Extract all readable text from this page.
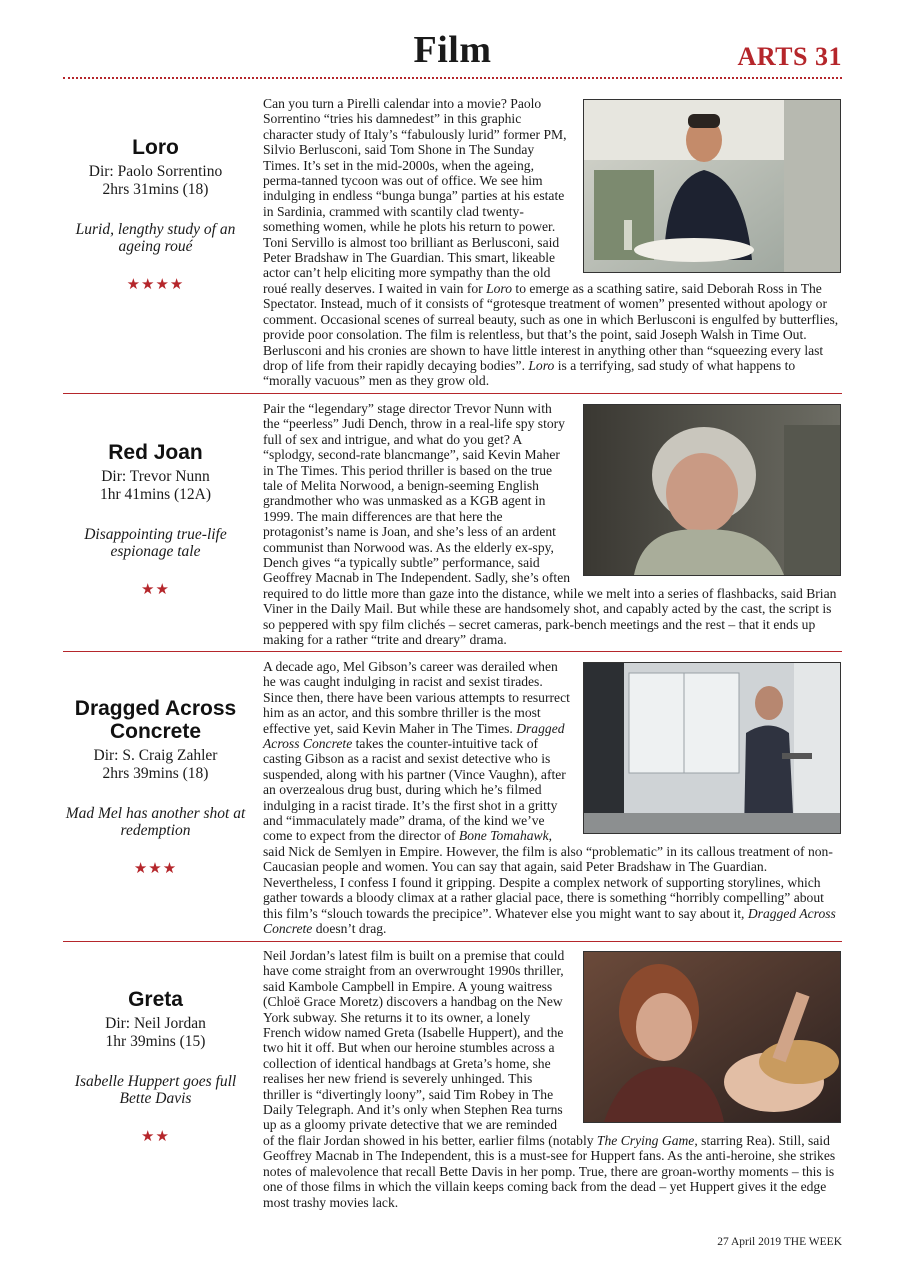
Film	ARTS 31
Loro
Dir: Paolo Sorrentino
2hrs 31mins (18)
Lurid, lengthy study of an ageing roué
★★★★

Can you turn a Pirelli calendar into a movie? Paolo Sorrentino “tries his damnedest” in this graphic character study of Italy’s “fabulously lurid” former PM, Silvio Berlusconi, said Tom Shone in The Sunday Times. It’s set in the mid-2000s, when the ageing, perma-tanned tycoon was out of office. We see him indulging in endless “bunga bunga” parties at his estate in Sardinia, crammed with scantily clad twenty-something women, while he plots his return to power. Toni Servillo is almost too brilliant as Berlusconi, said Peter Bradshaw in The Guardian. This smart, likeable actor can’t help eliciting more sympathy than the old roué really deserves. I waited in vain for Loro to emerge as a scathing satire, said Deborah Ross in The Spectator. Instead, much of it consists of “grotesque treatment of women” presented without apology or comment. Occasional scenes of surreal beauty, such as one in which Berlusconi is engulfed by butterflies, provide poor consolation. The film is relentless, but that’s the point, said Joseph Walsh in Time Out. Berlusconi and his cronies are shown to have little interest in anything other than “squeezing every last drop of life from their rapidly decaying bodies”. Loro is a terrifying, sad study of what happens to “morally vacuous” men as they grow old.

Red Joan
Dir: Trevor Nunn
1hr 41mins (12A)
Disappointing true-life espionage tale
★★

Pair the “legendary” stage director Trevor Nunn with the “peerless” Judi Dench, throw in a real-life spy story full of sex and intrigue, and what do you get? A “splodgy, second-rate blancmange”, said Kevin Maher in The Times. This period thriller is based on the true tale of Melita Norwood, a benign-seeming English grandmother who was unmasked as a KGB agent in 1999. The main differences are that here the protagonist’s name is Joan, and she’s less of an ardent communist than Norwood was. As the elderly ex-spy, Dench gives “a typically subtle” performance, said Geoffrey Macnab in The Independent. Sadly, she’s often required to do little more than gaze into the distance, while we melt into a series of flashbacks, said Brian Viner in the Daily Mail. But while these are handsomely shot, and capably acted by the cast, the script is so peppered with spy film clichés – secret cameras, park-bench meetings and the rest – that it ends up making for a rather “trite and dreary” drama.

Dragged Across Concrete
Dir: S. Craig Zahler
2hrs 39mins (18)
Mad Mel has another shot at redemption
★★★

A decade ago, Mel Gibson’s career was derailed when he was caught indulging in racist and sexist tirades. Since then, there have been various attempts to resurrect him as an actor, and this sombre thriller is the most effective yet, said Kevin Maher in The Times. Dragged Across Concrete takes the counter-intuitive tack of casting Gibson as a racist and sexist detective who is suspended, along with his partner (Vince Vaughn), after an overzealous drug bust, during which he’s filmed indulging in a racist tirade. It’s the first shot in a gritty and “immaculately made” drama, of the kind we’ve come to expect from the director of Bone Tomahawk, said Nick de Semlyen in Empire. However, the film is also “problematic” in its callous treatment of non-Caucasian people and women. You can say that again, said Peter Bradshaw in The Guardian. Nevertheless, I confess I found it gripping. Despite a complex network of supporting storylines, which gather towards a bloody climax at a rather glacial pace, there is something “horribly compelling” about this film’s “slouch towards the precipice”. Whatever else you might want to say about it, Dragged Across Concrete doesn’t drag.

Greta
Dir: Neil Jordan
1hr 39mins (15)
Isabelle Huppert goes full Bette Davis
★★

Neil Jordan’s latest film is built on a premise that could have come straight from an overwrought 1990s thriller, said Kambole Campbell in Empire. A young waitress (Chloë Grace Moretz) discovers a handbag on the New York subway. She returns it to its owner, a lonely French widow named Greta (Isabelle Huppert), and the two hit it off. But when our heroine stumbles across a collection of identical handbags at Greta’s home, she realises her new friend is severely unhinged. This thriller is “divertingly loony”, said Tim Robey in The Daily Telegraph. And it’s only when Stephen Rea turns up as a gloomy private detective that we are reminded of the flair Jordan showed in his better, earlier films (notably The Crying Game, starring Rea). Still, said Geoffrey Macnab in The Independent, this is a must-see for Huppert fans. As the anti-heroine, she strikes notes of malevolence that recall Bette Davis in her pomp. True, there are groan-worthy moments – this is one of those films in which the villain keeps coming back from the dead – yet Huppert gives it the edge most trashy movies lack.

27 April 2019 THE WEEK
